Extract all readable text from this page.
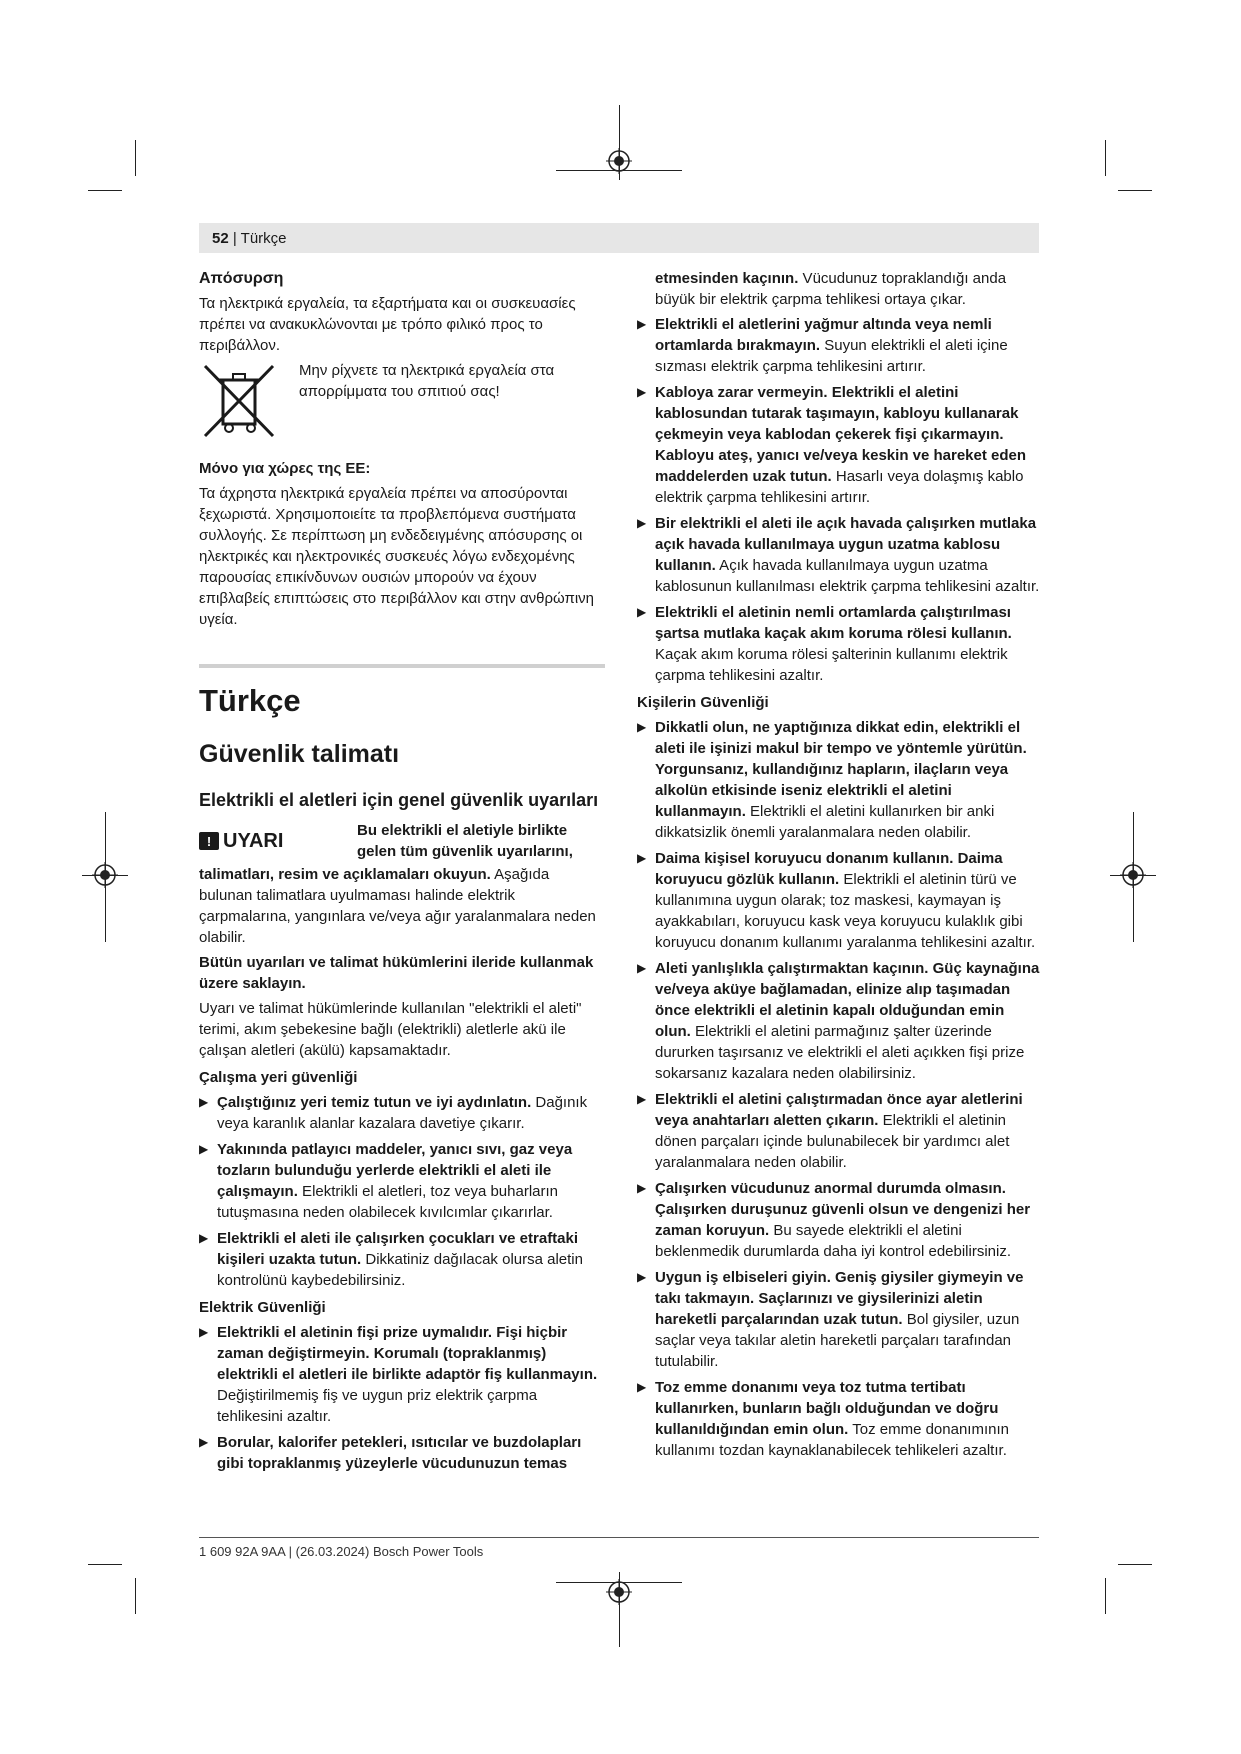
52 | Türkçe
Απόσυρση

Τα ηλεκτρικά εργαλεία, τα εξαρτήματα και οι συσκευασίες πρέπει να ανακυκλώνονται με τρόπο φιλικό προς το περιβάλλον.

Μην ρίχνετε τα ηλεκτρικά εργαλεία στα απορρίμματα του σπιτιού σας!
Μόνο για χώρες της ΕΕ:

Τα άχρηστα ηλεκτρικά εργαλεία πρέπει να αποσύρονται ξεχωριστά. Χρησιμοποιείτε τα προβλεπόμενα συστήματα συλλογής. Σε περίπτωση μη ενδεδειγμένης απόσυρσης οι ηλεκτρικές και ηλεκτρονικές συσκευές λόγω ενδεχομένης παρουσίας επικίνδυνων ουσιών μπορούν να έχουν επιβλαβείς επιπτώσεις στο περιβάλλον και στην ανθρώπινη υγεία.

Türkçe
Güvenlik talimatı
Elektrikli el aletleri için genel güvenlik uyarıları
! UYARI	Bu elektrikli el aletiyle birlikte gelen tüm güvenlik uyarılarını,

talimatları, resim ve açıklamaları okuyun. Aşağıda bulunan talimatlara uyulmaması halinde elektrik çarpmalarına, yangınlara ve/veya ağır yaralanmalara neden olabilir.

Bütün uyarıları ve talimat hükümlerini ileride kullanmak üzere saklayın.

Uyarı ve talimat hükümlerinde kullanılan "elektrikli el aleti" terimi, akım şebekesine bağlı (elektrikli) aletlerle akü ile çalışan aletleri (akülü) kapsamaktadır.

Çalışma yeri güvenliği
▶ Çalıştığınız yeri temiz tutun ve iyi aydınlatın. Dağınık veya karanlık alanlar kazalara davetiye çıkarır.
▶ Yakınında patlayıcı maddeler, yanıcı sıvı, gaz veya tozların bulunduğu yerlerde elektrikli el aleti ile çalışmayın. Elektrikli el aletleri, toz veya buharların tutuşmasına neden olabilecek kıvılcımlar çıkarırlar.
▶ Elektrikli el aleti ile çalışırken çocukları ve etraftaki kişileri uzakta tutun. Dikkatiniz dağılacak olursa aletin kontrolünü kaybedebilirsiniz.
Elektrik Güvenliği
▶ Elektrikli el aletinin fişi prize uymalıdır. Fişi hiçbir zaman değiştirmeyin. Korumalı (topraklanmış) elektrikli el aletleri ile birlikte adaptör fiş kullanmayın. Değiştirilmemiş fiş ve uygun priz elektrik çarpma tehlikesini azaltır.
▶ Borular, kalorifer petekleri, ısıtıcılar ve buzdolapları gibi topraklanmış yüzeylerle vücudunuzun temas

etmesinden kaçının. Vücudunuz topraklandığı anda büyük bir elektrik çarpma tehlikesi ortaya çıkar.

▶ Elektrikli el aletlerini yağmur altında veya nemli ortamlarda bırakmayın. Suyun elektrikli el aleti içine sızması elektrik çarpma tehlikesini artırır.
▶ Kabloya zarar vermeyin. Elektrikli el aletini kablosundan tutarak taşımayın, kabloyu kullanarak çekmeyin veya kablodan çekerek fişi çıkarmayın. Kabloyu ateş, yanıcı ve/veya keskin ve hareket eden maddelerden uzak tutun. Hasarlı veya dolaşmış kablo elektrik çarpma tehlikesini artırır.
▶ Bir elektrikli el aleti ile açık havada çalışırken mutlaka açık havada kullanılmaya uygun uzatma kablosu kullanın. Açık havada kullanılmaya uygun uzatma kablosunun kullanılması elektrik çarpma tehlikesini azaltır.
▶ Elektrikli el aletinin nemli ortamlarda çalıştırılması şartsa mutlaka kaçak akım koruma rölesi kullanın. Kaçak akım koruma rölesi şalterinin kullanımı elektrik çarpma tehlikesini azaltır.
Kişilerin Güvenliği
▶ Dikkatli olun, ne yaptığınıza dikkat edin, elektrikli el aleti ile işinizi makul bir tempo ve yöntemle yürütün. Yorgunsanız, kullandığınız hapların, ilaçların veya alkolün etkisinde iseniz elektrikli el aletini kullanmayın. Elektrikli el aletini kullanırken bir anki dikkatsizlik önemli yaralanmalara neden olabilir.
▶ Daima kişisel koruyucu donanım kullanın. Daima koruyucu gözlük kullanın. Elektrikli el aletinin türü ve kullanımına uygun olarak; toz maskesi, kaymayan iş ayakkabıları, koruyucu kask veya koruyucu kulaklık gibi koruyucu donanım kullanımı yaralanma tehlikesini azaltır.
▶ Aleti yanlışlıkla çalıştırmaktan kaçının. Güç kaynağına ve/veya aküye bağlamadan, elinize alıp taşımadan önce elektrikli el aletinin kapalı olduğundan emin olun. Elektrikli el aletini parmağınız şalter üzerinde dururken taşırsanız ve elektrikli el aleti açıkken fişi prize sokarsanız kazalara neden olabilirsiniz.
▶ Elektrikli el aletini çalıştırmadan önce ayar aletlerini veya anahtarları aletten çıkarın. Elektrikli el aletinin dönen parçaları içinde bulunabilecek bir yardımcı alet yaralanmalara neden olabilir.
▶ Çalışırken vücudunuz anormal durumda olmasın. Çalışırken duruşunuz güvenli olsun ve dengenizi her zaman koruyun. Bu sayede elektrikli el aletini beklenmedik durumlarda daha iyi kontrol edebilirsiniz.
▶ Uygun iş elbiseleri giyin. Geniş giysiler giymeyin ve takı takmayın. Saçlarınızı ve giysilerinizi aletin hareketli parçalarından uzak tutun. Bol giysiler, uzun saçlar veya takılar aletin hareketli parçaları tarafından tutulabilir.
▶ Toz emme donanımı veya toz tutma tertibatı kullanırken, bunların bağlı olduğundan ve doğru kullanıldığından emin olun. Toz emme donanımının kullanımı tozdan kaynaklanabilecek tehlikeleri azaltır.
1 609 92A 9AA | (26.03.2024) Bosch Power Tools
